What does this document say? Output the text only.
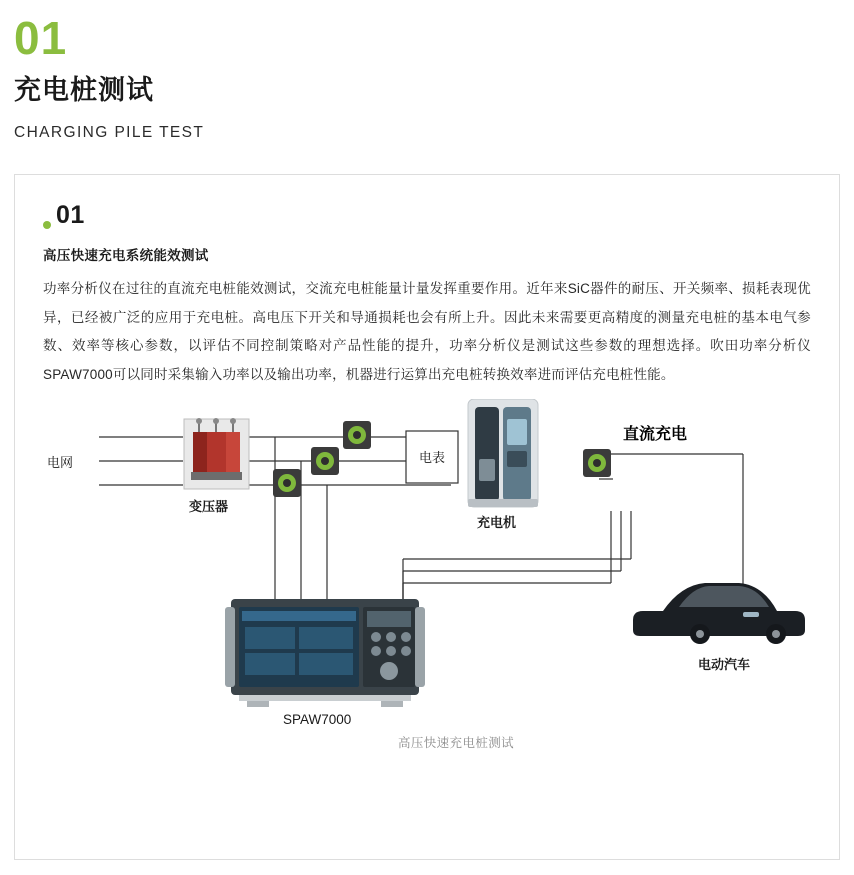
01
充电桩测试
CHARGING PILE TEST
01
高压快速充电系统能效测试
功率分析仪在过往的直流充电桩能效测试，交流充电桩能量计量发挥重要作用。近年来SiC器件的耐压、开关频率、损耗表现优异，已经被广泛的应用于充电桩。高电压下开关和导通损耗也会有所上升。因此未来需要更高精度的测量充电桩的基本电气参数、效率等核心参数，以评估不同控制策略对产品性能的提升，功率分析仪是测试这些参数的理想选择。吹田功率分析仪SPAW7000可以同时采集输入功率以及输出功率，机器进行运算出充电桩转换效率进而评估充电桩性能。
电网
变压器
电表
充电机
直流充电
SPAW7000
电动汽车
高压快速充电桩测试
